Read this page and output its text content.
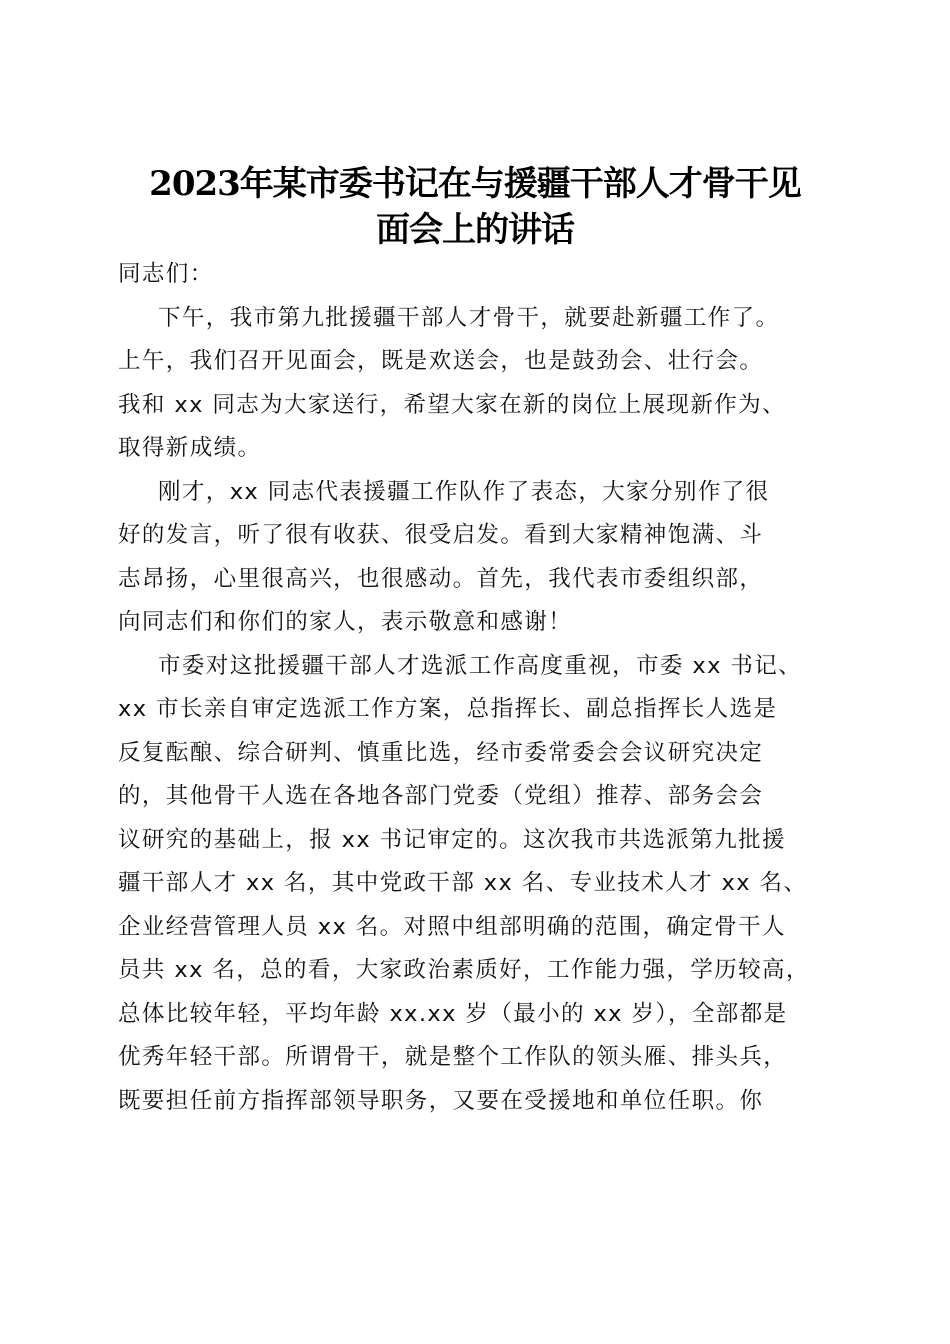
2023年某市委书记在与援疆干部人才骨干见
面会上的讲话
同志们：
下午，我市第九批援疆干部人才骨干，就要赴新疆工作了。
上午，我们召开见面会，既是欢送会，也是鼓劲会、壮行会。
我和 xx 同志为大家送行，希望大家在新的岗位上展现新作为、
取得新成绩。
刚才，xx 同志代表援疆工作队作了表态，大家分别作了很
好的发言，听了很有收获、很受启发。看到大家精神饱满、斗
志昂扬，心里很高兴，也很感动。首先，我代表市委组织部，
向同志们和你们的家人，表示敬意和感谢！
市委对这批援疆干部人才选派工作高度重视，市委 xx 书记、
xx 市长亲自审定选派工作方案，总指挥长、副总指挥长人选是
反复酝酿、综合研判、慎重比选，经市委常委会会议研究决定
的，其他骨干人选在各地各部门党委（党组）推荐、部务会会
议研究的基础上，报 xx 书记审定的。这次我市共选派第九批援
疆干部人才 xx 名，其中党政干部 xx 名、专业技术人才 xx 名、
企业经营管理人员 xx 名。对照中组部明确的范围，确定骨干人
员共 xx 名，总的看，大家政治素质好，工作能力强，学历较高，
总体比较年轻，平均年龄 xx.xx 岁（最小的 xx 岁），全部都是
优秀年轻干部。所谓骨干，就是整个工作队的领头雁、排头兵，
既要担任前方指挥部领导职务，又要在受援地和单位任职。你
